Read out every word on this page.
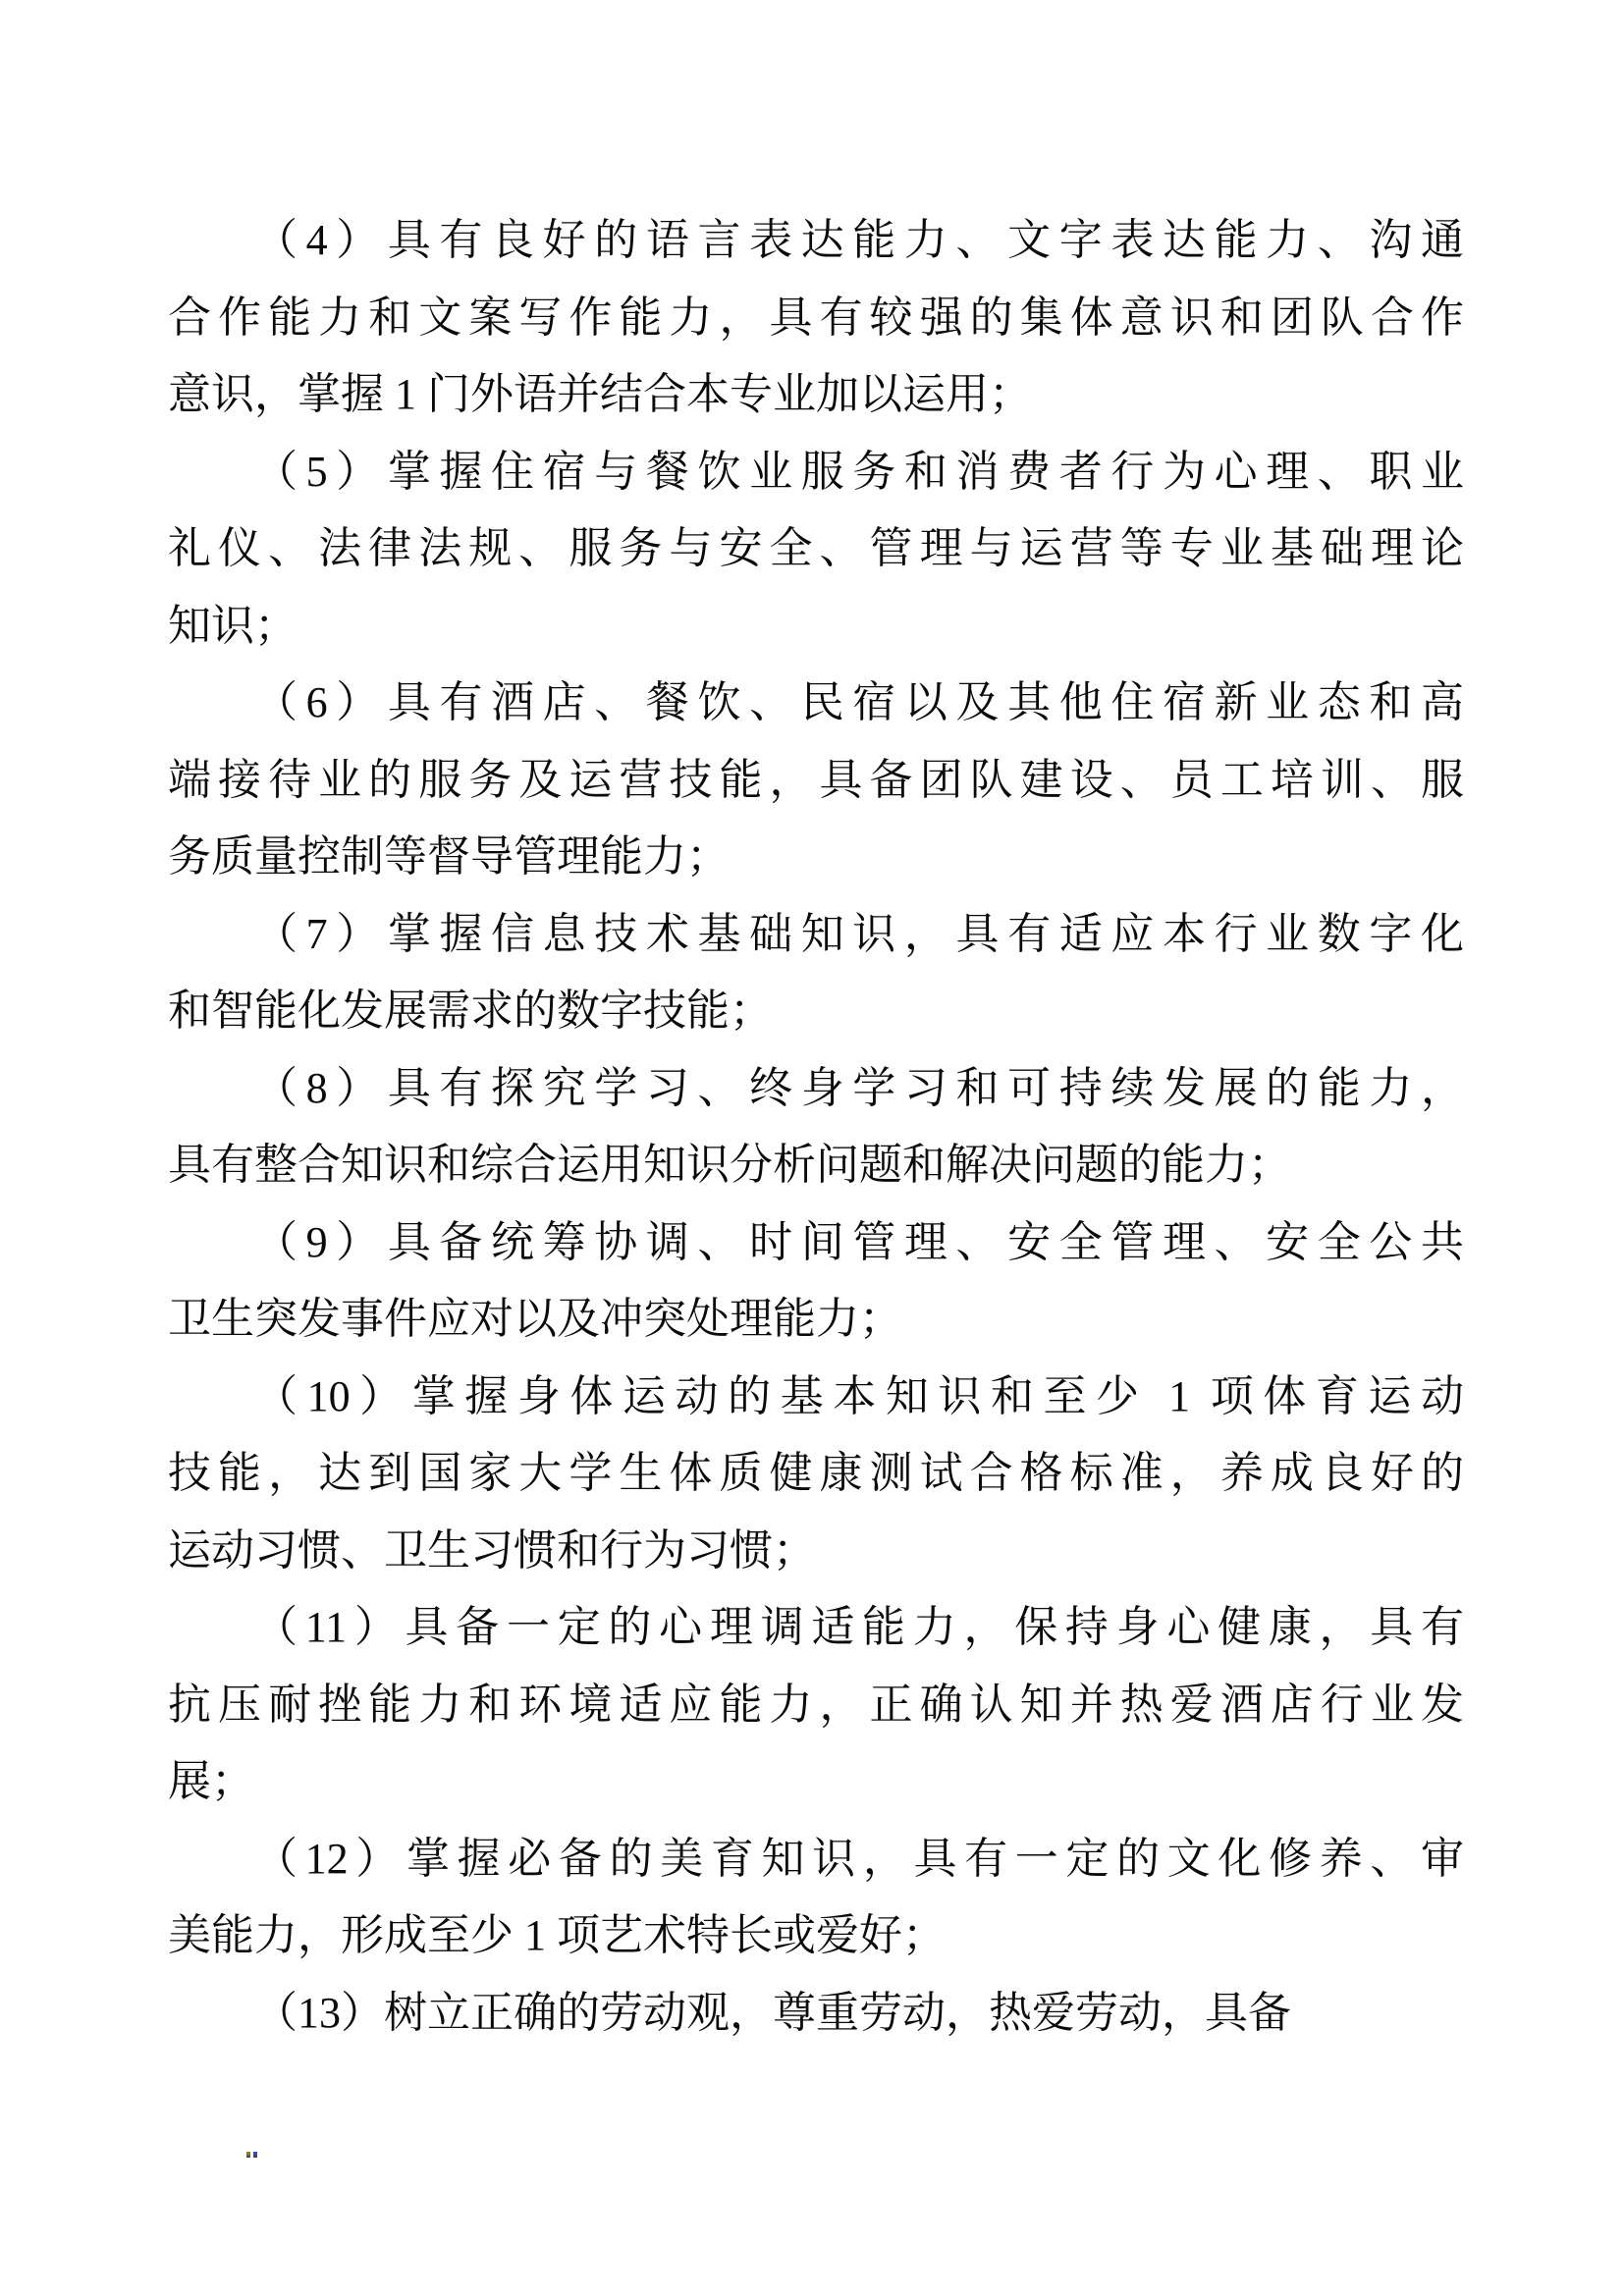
（4）具有良好的语言表达能力、文字表达能力、沟通
合作能力和文案写作能力，具有较强的集体意识和团队合作
意识，掌握 1 门外语并结合本专业加以运用；
（5）掌握住宿与餐饮业服务和消费者行为心理、职业
礼仪、法律法规、服务与安全、管理与运营等专业基础理论
知识；
（6）具有酒店、餐饮、民宿以及其他住宿新业态和高
端接待业的服务及运营技能，具备团队建设、员工培训、服
务质量控制等督导管理能力；
（7）掌握信息技术基础知识，具有适应本行业数字化
和智能化发展需求的数字技能；
（8）具有探究学习、终身学习和可持续发展的能力，
具有整合知识和综合运用知识分析问题和解决问题的能力；
（9）具备统筹协调、时间管理、安全管理、安全公共
卫生突发事件应对以及冲突处理能力；
（10）掌握身体运动的基本知识和至少 1 项体育运动
技能，达到国家大学生体质健康测试合格标准，养成良好的
运动习惯、卫生习惯和行为习惯；
（11）具备一定的心理调适能力，保持身心健康，具有
抗压耐挫能力和环境适应能力，正确认知并热爱酒店行业发
展；
（12）掌握必备的美育知识，具有一定的文化修养、审
美能力，形成至少 1 项艺术特长或爱好；
（13）树立正确的劳动观，尊重劳动，热爱劳动，具备
